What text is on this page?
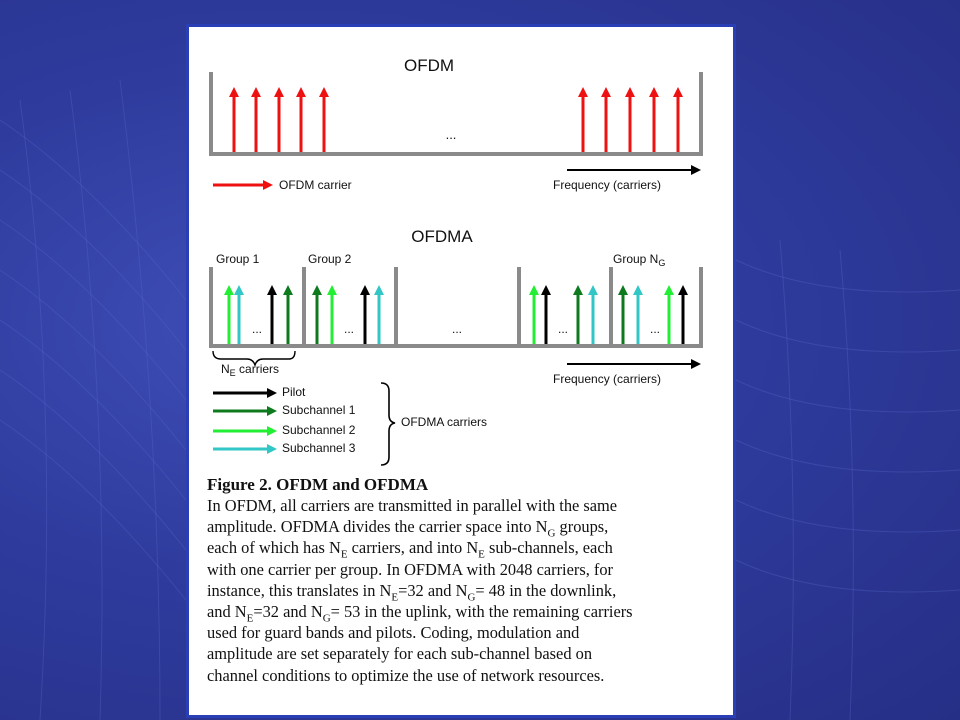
OFDM
...
OFDM carrier	Frequency (carriers)
OFDMA
Group 1	Group 2	Group $N_G$
...	...	...	...	...
$N_E$ carriers
Frequency (carriers)
Pilot
Subchannel 1
Subchannel 2
Subchannel 3
OFDMA carriers
Figure 2. OFDM and OFDMA
In OFDM, all carriers are transmitted in parallel with the same
amplitude. OFDMA divides the carrier space into $N_G$ groups,
each of which has $N_E$ carriers, and into $N_E$ sub-channels, each
with one carrier per group. In OFDMA with 2048 carriers, for
instance, this translates in $N_E=32$ and $N_G= 48$ in the downlink,
and $N_E=32$ and $N_G= 53$ in the uplink, with the remaining carriers
used for guard bands and pilots. Coding, modulation and
amplitude are set separately for each sub-channel based on
channel conditions to optimize the use of network resources.
